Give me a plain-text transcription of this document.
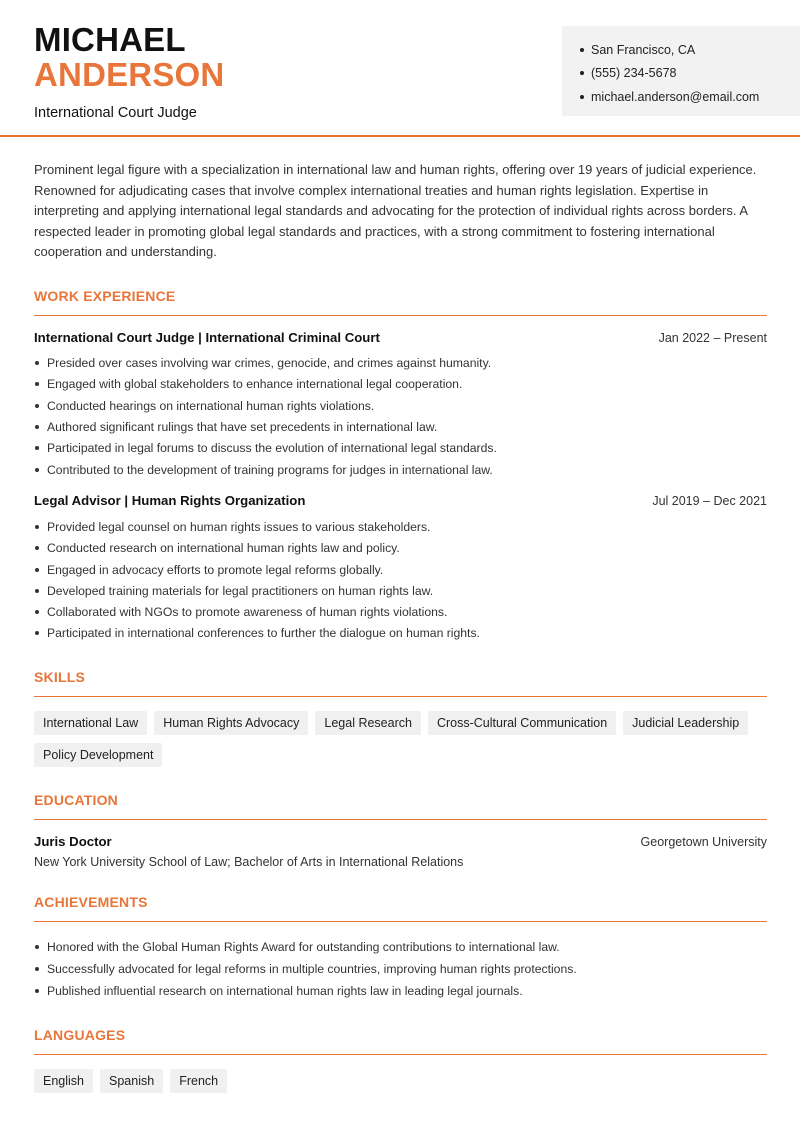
MICHAEL
ANDERSON
International Court Judge
San Francisco, CA
(555) 234-5678
michael.anderson@email.com

Prominent legal figure with a specialization in international law and human rights, offering over 19 years of judicial experience. Renowned for adjudicating cases that involve complex international treaties and human rights legislation. Expertise in interpreting and applying international legal standards and advocating for the protection of individual rights across borders. A respected leader in promoting global legal standards and practices, with a strong commitment to fostering international cooperation and understanding.

WORK EXPERIENCE
International Court Judge | International Criminal Court	Jan 2022 – Present
Presided over cases involving war crimes, genocide, and crimes against humanity.
Engaged with global stakeholders to enhance international legal cooperation.
Conducted hearings on international human rights violations.
Authored significant rulings that have set precedents in international law.
Participated in legal forums to discuss the evolution of international legal standards.
Contributed to the development of training programs for judges in international law.
Legal Advisor | Human Rights Organization	Jul 2019 – Dec 2021
Provided legal counsel on human rights issues to various stakeholders.
Conducted research on international human rights law and policy.
Engaged in advocacy efforts to promote legal reforms globally.
Developed training materials for legal practitioners on human rights law.
Collaborated with NGOs to promote awareness of human rights violations.
Participated in international conferences to further the dialogue on human rights.
SKILLS
International Law	Human Rights Advocacy	Legal Research	Cross-Cultural Communication	Judicial Leadership
Policy Development
EDUCATION
Juris Doctor	Georgetown University
New York University School of Law; Bachelor of Arts in International Relations
ACHIEVEMENTS
Honored with the Global Human Rights Award for outstanding contributions to international law.
Successfully advocated for legal reforms in multiple countries, improving human rights protections.
Published influential research on international human rights law in leading legal journals.
LANGUAGES
English	Spanish	French
